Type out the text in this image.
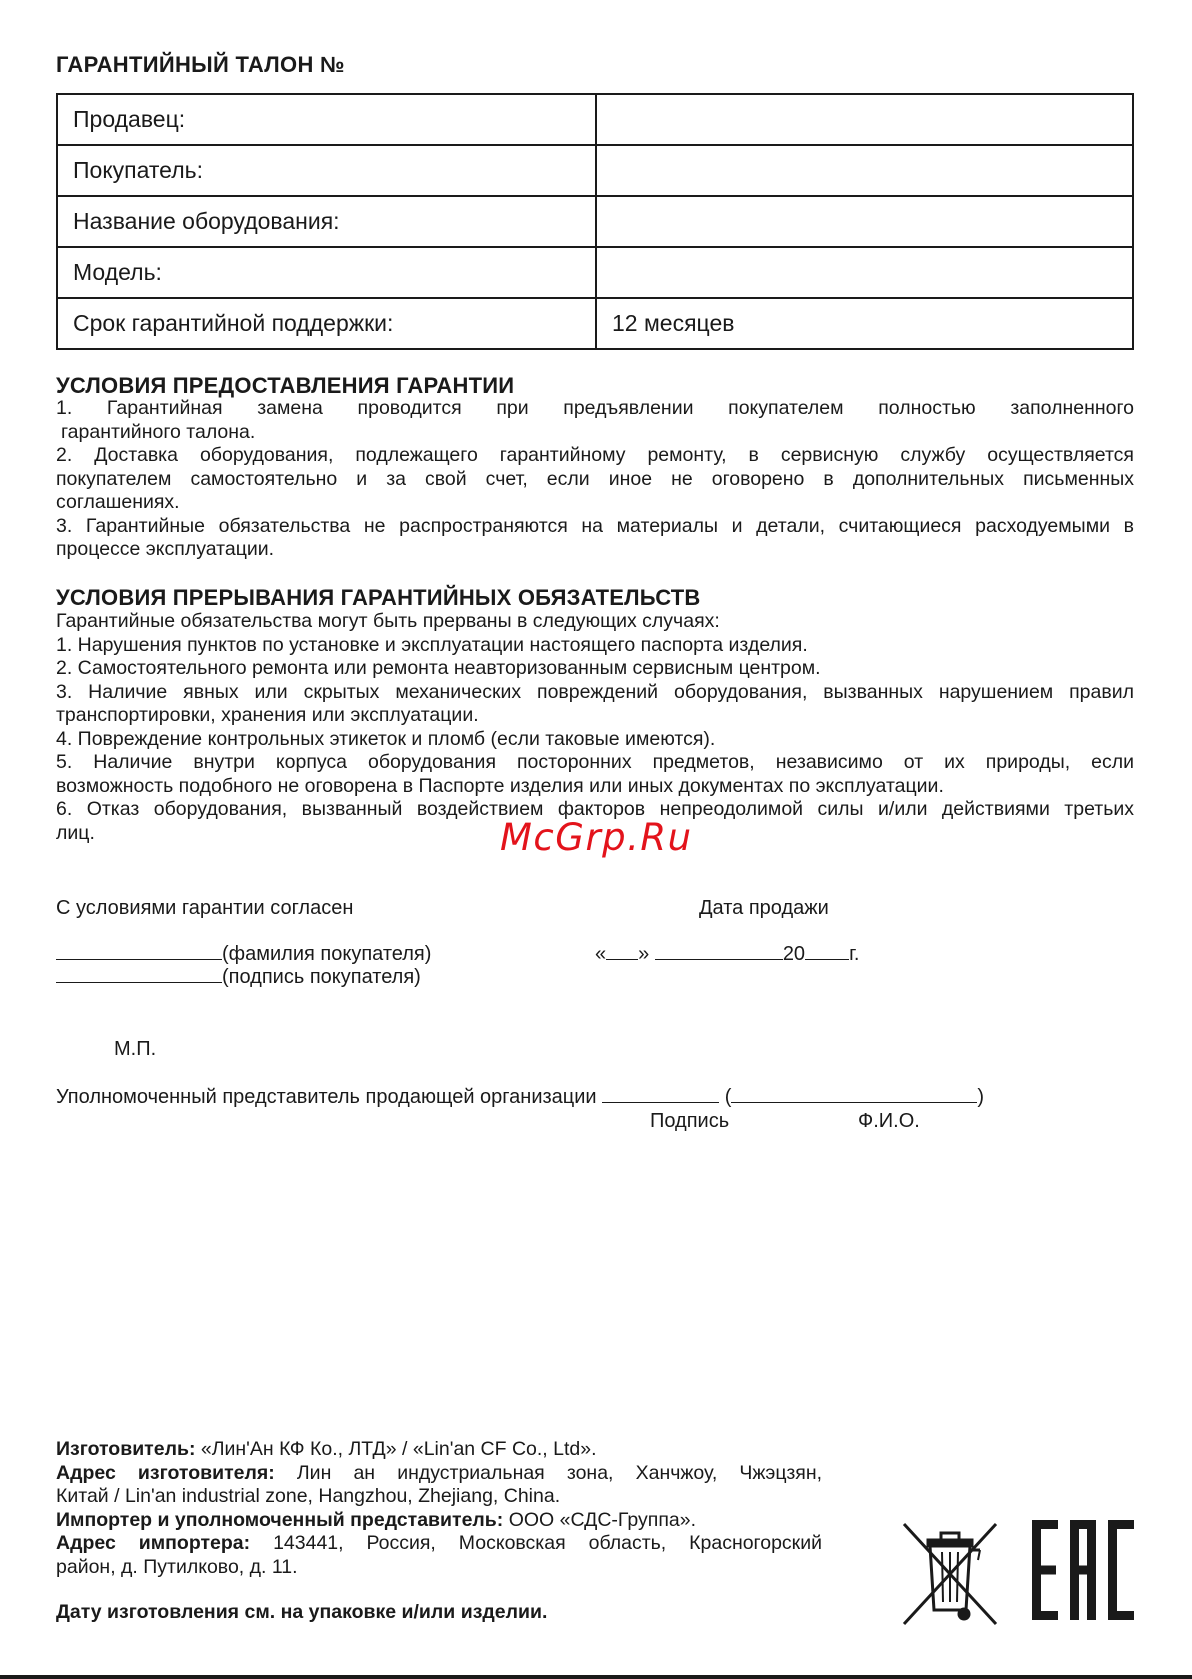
ГАРАНТИЙНЫЙ ТАЛОН №
Продавец:	
Покупатель:	
Название оборудования:	
Модель:	
Срок гарантийной поддержки:	12 месяцев
УСЛОВИЯ ПРЕДОСТАВЛЕНИЯ ГАРАНТИИ

1. Гарантийная замена проводится при предъявлении покупателем полностью заполненного

гарантийного талона.

2. Доставка оборудования, подлежащего гарантийному ремонту, в сервисную службу осуществляется

покупателем самостоятельно и за свой счет, если иное не оговорено в дополнительных письменных

соглашениях.

3. Гарантийные обязательства не распространяются на материалы и детали, считающиеся расходуемыми в

процессе эксплуатации.

УСЛОВИЯ ПРЕРЫВАНИЯ ГАРАНТИЙНЫХ ОБЯЗАТЕЛЬСТВ

Гарантийные обязательства могут быть прерваны в следующих случаях:

1. Нарушения пунктов по установке и эксплуатации настоящего паспорта изделия.

2. Самостоятельного ремонта или ремонта неавторизованным сервисным центром.

3. Наличие явных или скрытых механических повреждений оборудования, вызванных нарушением правил

транспортировки, хранения или эксплуатации.

4. Повреждение контрольных этикеток и пломб (если таковые имеются).

5. Наличие внутри корпуса оборудования посторонних предметов, независимо от их природы, если

возможность подобного не оговорена в Паспорте изделия или иных документах по эксплуатации.

6. Отказ оборудования, вызванный воздействием факторов непреодолимой силы и/или действиями третьих

лиц.	McGrp.Ru
С условиями гарантии согласен	Дата продажи
(фамилия покупателя)
(подпись покупателя)
« »	20 г.
М.П.
Уполномоченный представитель продающей организации	(	)
Подпись	Ф.И.О.

Изготовитель: «Лин'Ан КФ Ко., ЛТД» / «Lin'an CF Co., Ltd».

Адрес изготовителя: Лин ан индустриальная зона, Ханчжоу, Чжэцзян,

Китай / Lin'an industrial zone, Hangzhou, Zhejiang, China.

Импортер и уполномоченный представитель: ООО «СДС-Группа».

Адрес импортера: 143441, Россия, Московская область, Красногорский

район, д. Путилково, д. 11.

Дату изготовления см. на упаковке и/или изделии.
